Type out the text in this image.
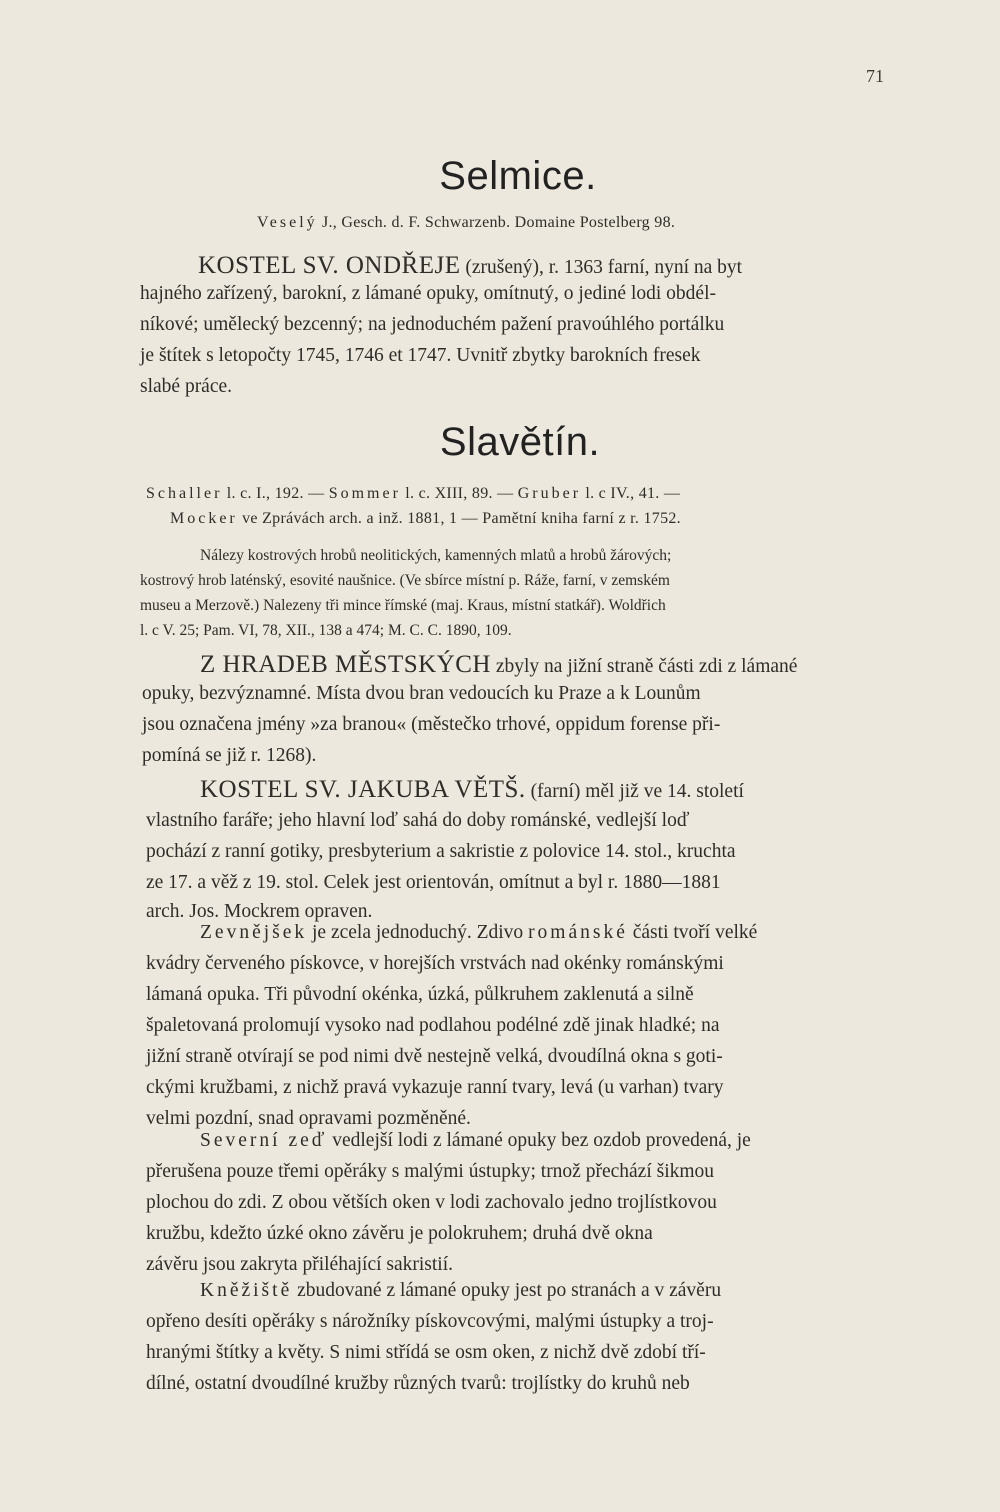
71
Selmice.
Veselý J., Gesch. d. F. Schwarzenb. Domaine Postelberg 98.
KOSTEL SV. ONDŘEJE (zrušený), r. 1363 farní, nyní na byt
hajného zařízený, barokní, z lámané opuky, omítnutý, o jediné lodi obdél-
níkové; umělecký bezcenný; na jednoduchém pažení pravoúhlého portálku
je štítek s letopočty 1745, 1746 et 1747. Uvnitř zbytky barokních fresek
slabé práce.
Slavětín.
Schaller l. c. I., 192. — Sommer l. c. XIII, 89. — Gruber l. c IV., 41. —
Mocker ve Zprávách arch. a inž. 1881, 1 — Pamětní kniha farní z r. 1752.
Nálezy kostrových hrobů neolitických, kamenných mlatů a hrobů žárových;
kostrový hrob laténský, esovité naušnice. (Ve sbírce místní p. Ráže, farní, v zemském
museu a Merzově.) Nalezeny tři mince římské (maj. Kraus, místní statkář). Woldřich
l. c V. 25; Pam. VI, 78, XII., 138 a 474; M. C. C. 1890, 109.
Z HRADEB MĚSTSKÝCH zbyly na jižní straně části zdi z lámané
opuky, bezvýznamné. Místa dvou bran vedoucích ku Praze a k Lounům
jsou označena jmény »za branou« (městečko trhové, oppidum forense při-
pomíná se již r. 1268).
KOSTEL SV. JAKUBA VĚTŠ. (farní) měl již ve 14. století
vlastního faráře; jeho hlavní loď sahá do doby románské, vedlejší loď
pochází z ranní gotiky, presbyterium a sakristie z polovice 14. stol., kruchta
ze 17. a věž z 19. stol. Celek jest orientován, omítnut a byl r. 1880—1881
arch. Jos. Mockrem opraven.
Zevnějšek je zcela jednoduchý. Zdivo románské části tvoří velké
kvádry červeného pískovce, v horejších vrstvách nad okénky románskými
lámaná opuka. Tři původní okénka, úzká, půlkruhem zaklenutá a silně
špaletovaná prolomují vysoko nad podlahou podélné zdě jinak hladké; na
jižní straně otvírají se pod nimi dvě nestejně velká, dvoudílná okna s goti-
ckými kružbami, z nichž pravá vykazuje ranní tvary, levá (u varhan) tvary
velmi pozdní, snad opravami pozměněné.
Severní zeď vedlejší lodi z lámané opuky bez ozdob provedená, je
přerušena pouze třemi opěráky s malými ústupky; trnož přechází šikmou
plochou do zdi. Z obou větších oken v lodi zachovalo jedno trojlístkovou
kružbu, kdežto úzké okno závěru je polokruhem; druhá dvě okna
závěru jsou zakryta přiléhající sakristií.
Kněžiště zbudované z lámané opuky jest po stranách a v závěru
opřeno desíti opěráky s nárožníky pískovcovými, malými ústupky a troj-
hranými štítky a květy. S nimi střídá se osm oken, z nichž dvě zdobí tří-
dílné, ostatní dvoudílné kružby různých tvarů: trojlístky do kruhů neb
